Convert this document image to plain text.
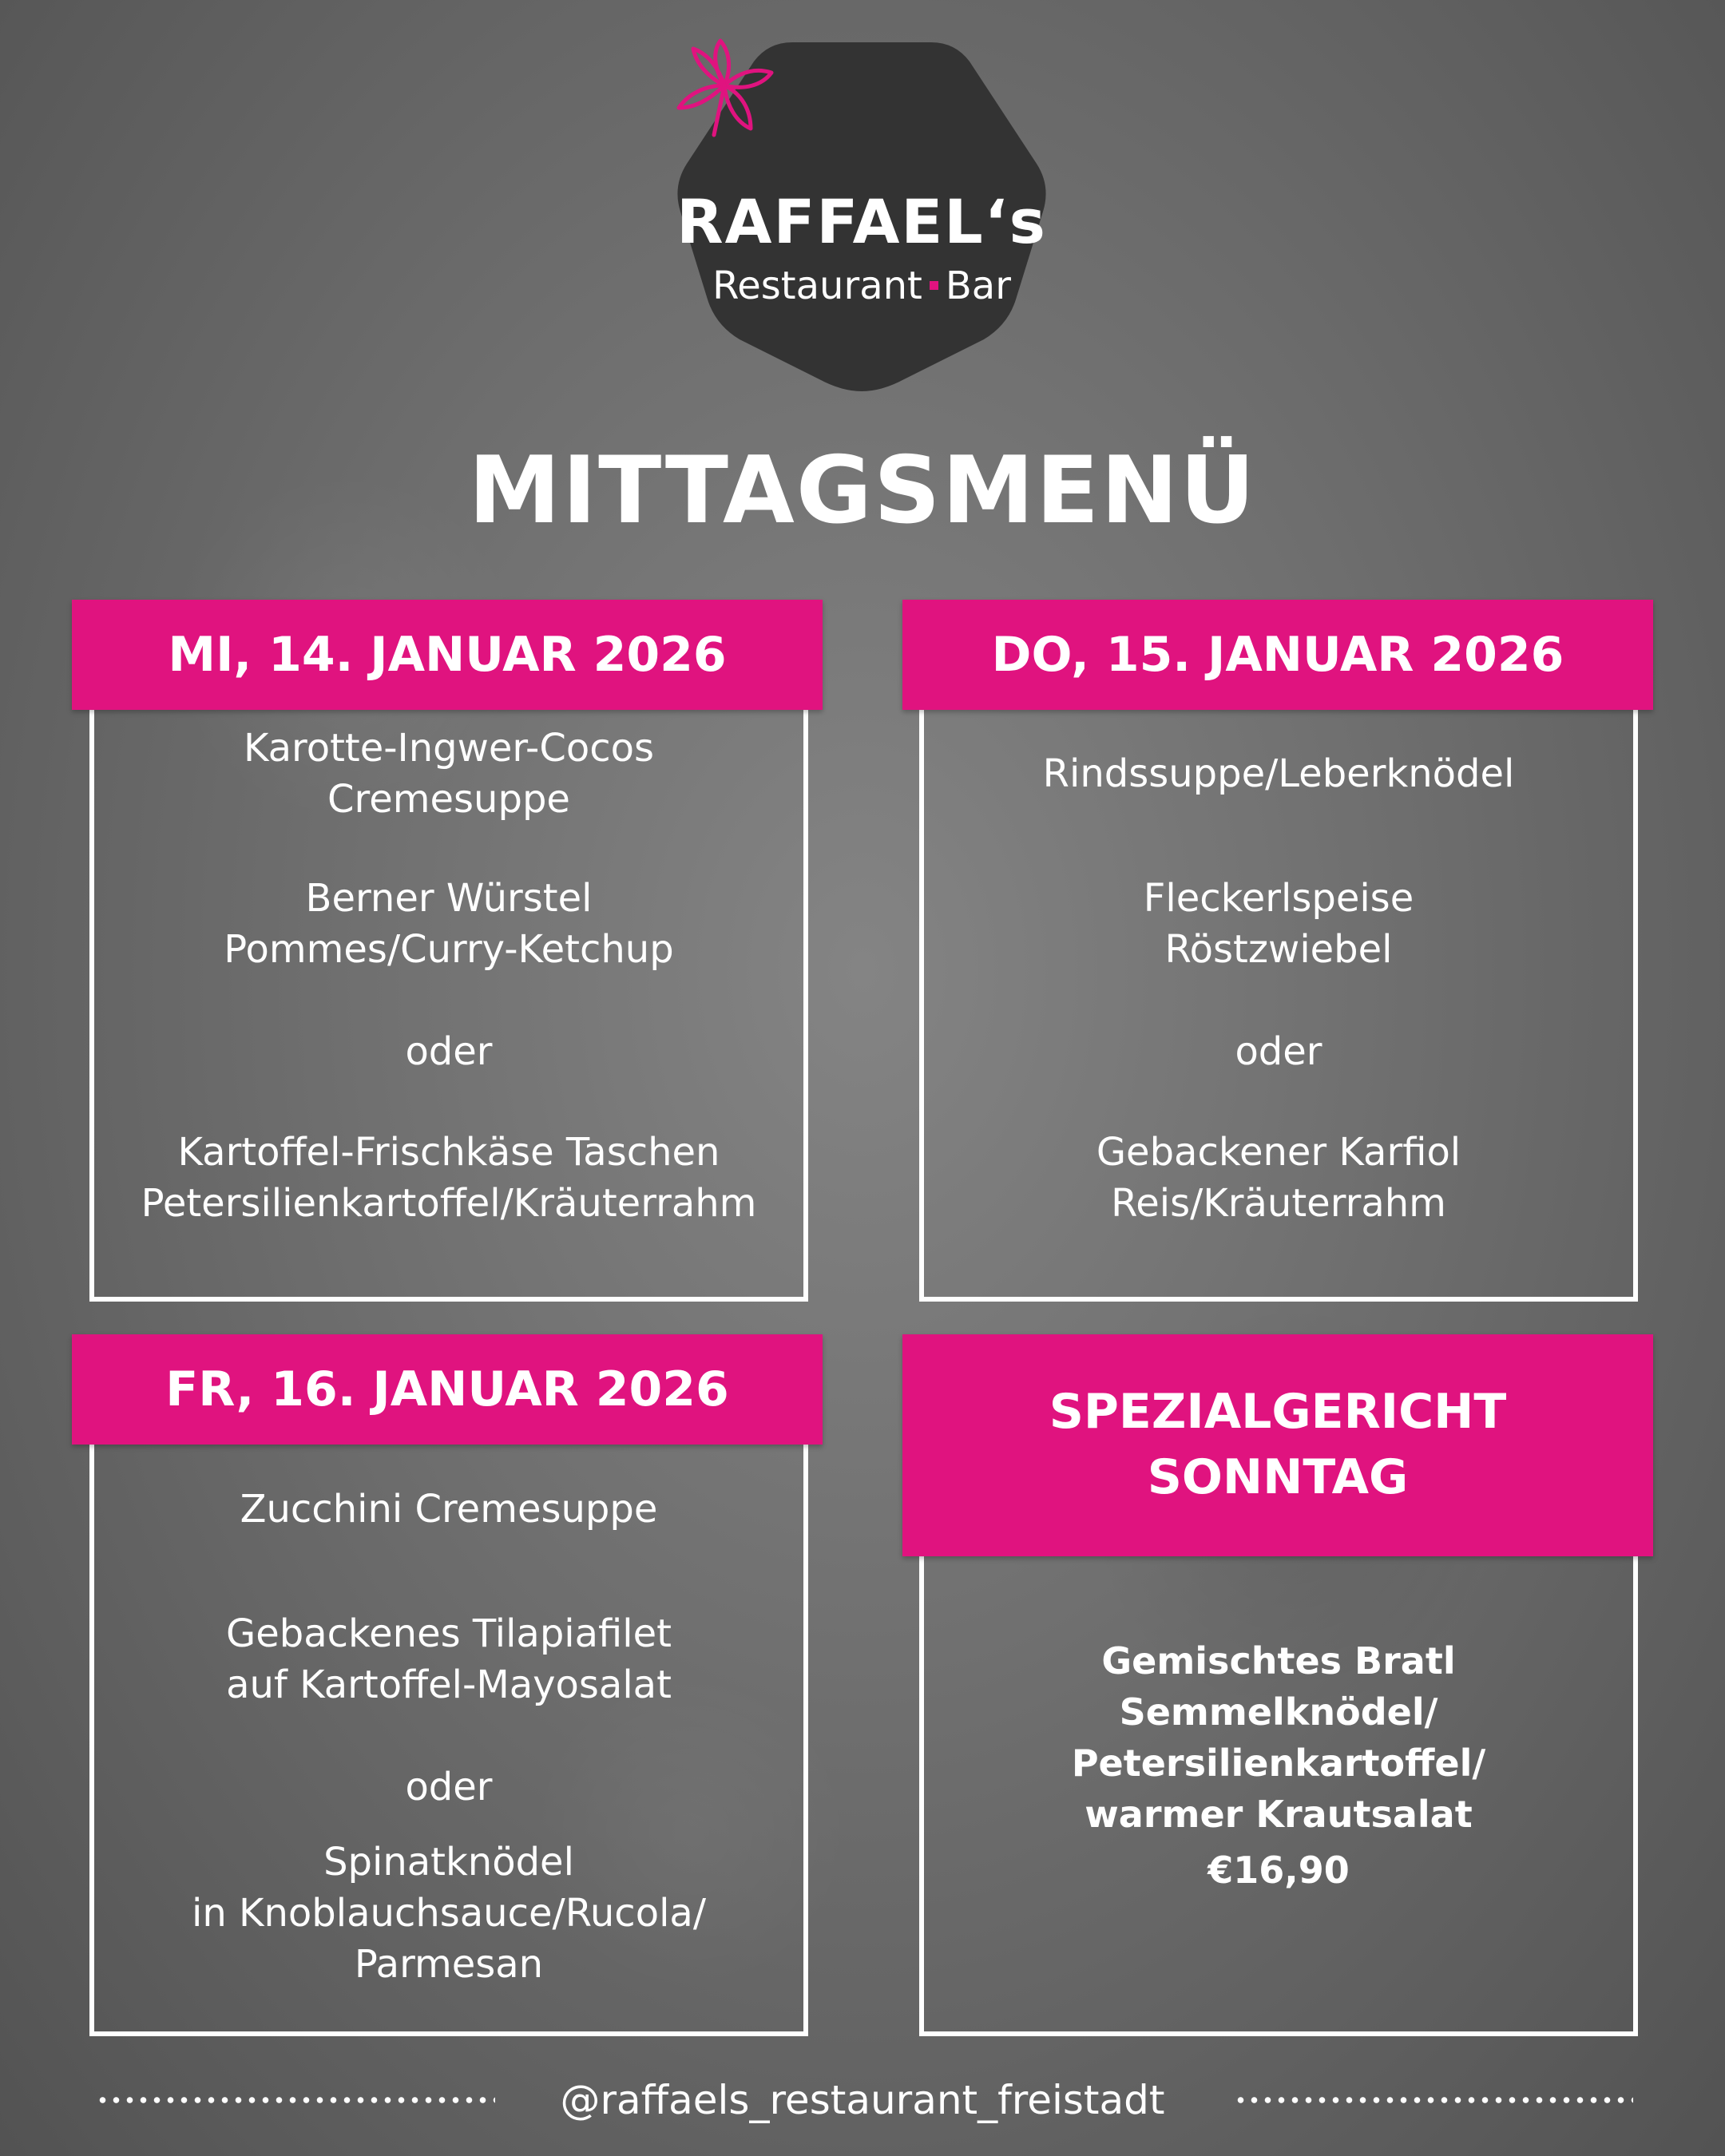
RAFFAEL‘s
Restaurant Bar
MITTAGSMENÜ
MI, 14. JANUAR 2026
Karotte-Ingwer-Cocos
Cremesuppe
Berner Würstel
Pommes/Curry-Ketchup
oder
Kartoffel-Frischkäse Taschen
Petersilienkartoffel/Kräuterrahm
DO, 15. JANUAR 2026
Rindssuppe/Leberknödel
Fleckerlspeise
Röstzwiebel
oder
Gebackener Karfiol
Reis/Kräuterrahm
FR, 16. JANUAR 2026
Zucchini Cremesuppe
Gebackenes Tilapiafilet
auf Kartoffel-Mayosalat
oder
Spinatknödel
in Knoblauchsauce/Rucola/
Parmesan
SPEZIALGERICHT
SONNTAG
Gemischtes Bratl
Semmelknödel/
Petersilienkartoffel/
warmer Krautsalat
€16,90
@raffaels_restaurant_freistadt
